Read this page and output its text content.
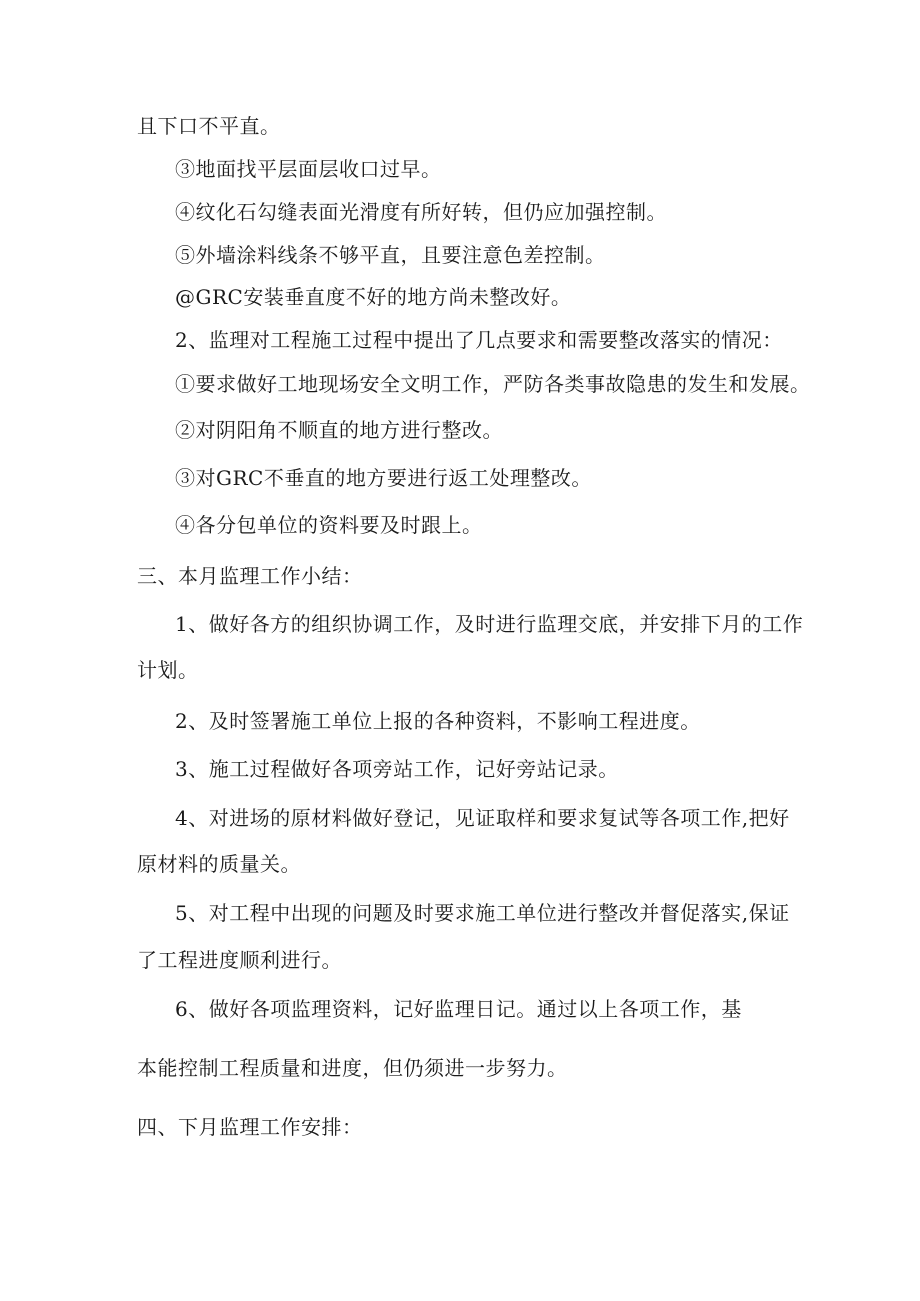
且下口不平直。

③地面找平层面层收口过早。

④纹化石勾缝表面光滑度有所好转，但仍应加强控制。

⑤外墙涂料线条不够平直，且要注意色差控制。

@GRC安装垂直度不好的地方尚未整改好。

2、监理对工程施工过程中提出了几点要求和需要整改落实的情况：

①要求做好工地现场安全文明工作，严防各类事故隐患的发生和发展。

②对阴阳角不顺直的地方进行整改。

③对GRC不垂直的地方要进行返工处理整改。

④各分包单位的资料要及时跟上。

三、本月监理工作小结：

1、做好各方的组织协调工作，及时进行监理交底，并安排下月的工作

计划。

2、及时签署施工单位上报的各种资料，不影响工程进度。

3、施工过程做好各项旁站工作，记好旁站记录。

4、对进场的原材料做好登记，见证取样和要求复试等各项工作,把好

原材料的质量关。

5、对工程中出现的问题及时要求施工单位进行整改并督促落实,保证

了工程进度顺利进行。

6、做好各项监理资料，记好监理日记。通过以上各项工作，基

本能控制工程质量和进度，但仍须进一步努力。

四、下月监理工作安排：
